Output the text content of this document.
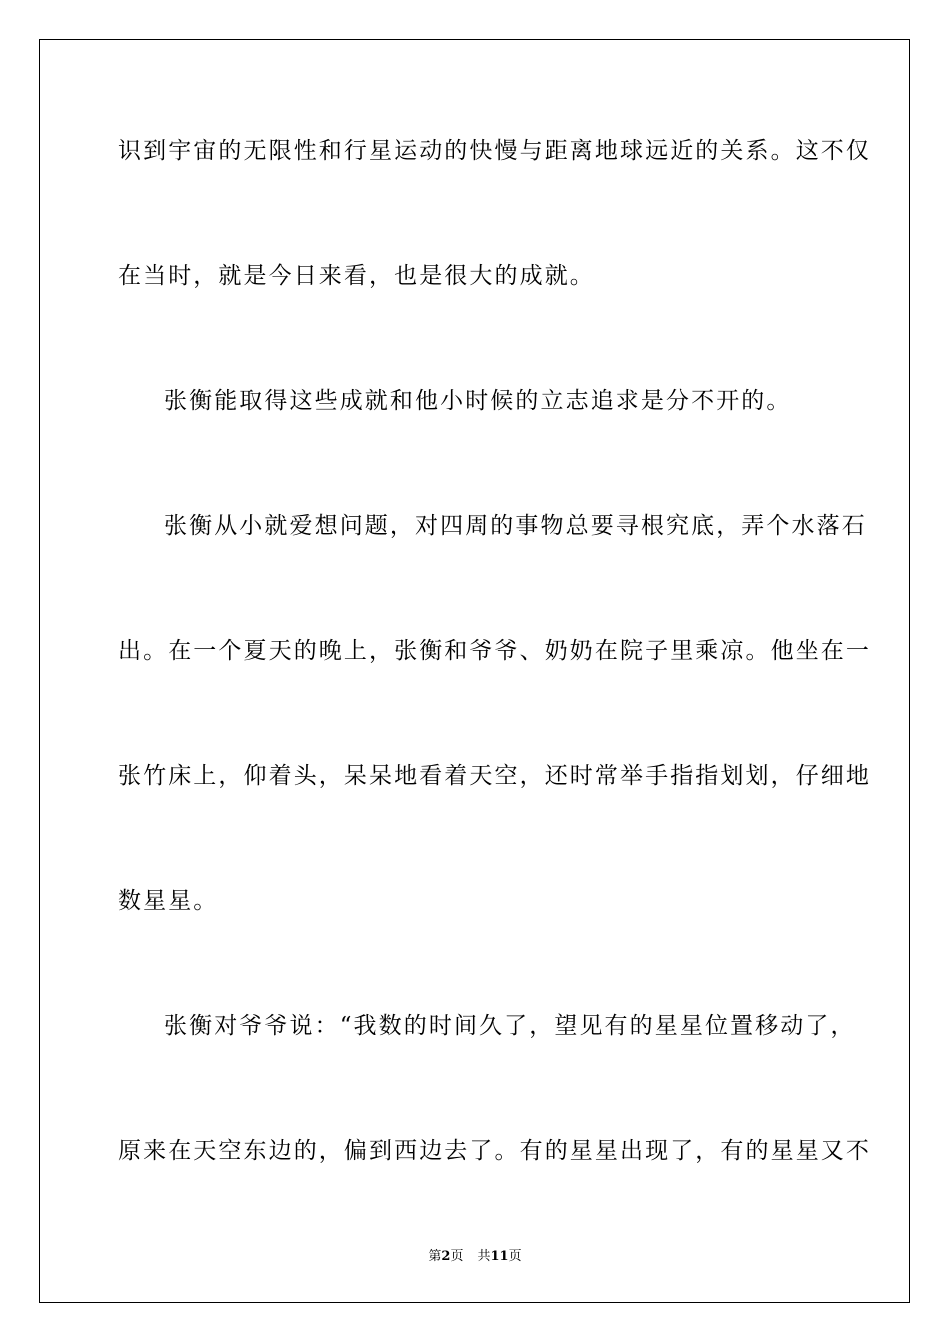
识到宇宙的无限性和行星运动的快慢与距离地球远近的关系。这不仅
在当时，就是今日来看，也是很大的成就。
张衡能取得这些成就和他小时候的立志追求是分不开的。
张衡从小就爱想问题，对四周的事物总要寻根究底，弄个水落石
出。在一个夏天的晚上，张衡和爷爷、奶奶在院子里乘凉。他坐在一
张竹床上，仰着头，呆呆地看着天空，还时常举手指指划划，仔细地
数星星。
张衡对爷爷说：“我数的时间久了，望见有的星星位置移动了，
原来在天空东边的，偏到西边去了。有的星星出现了，有的星星又不
第2页 共11页
